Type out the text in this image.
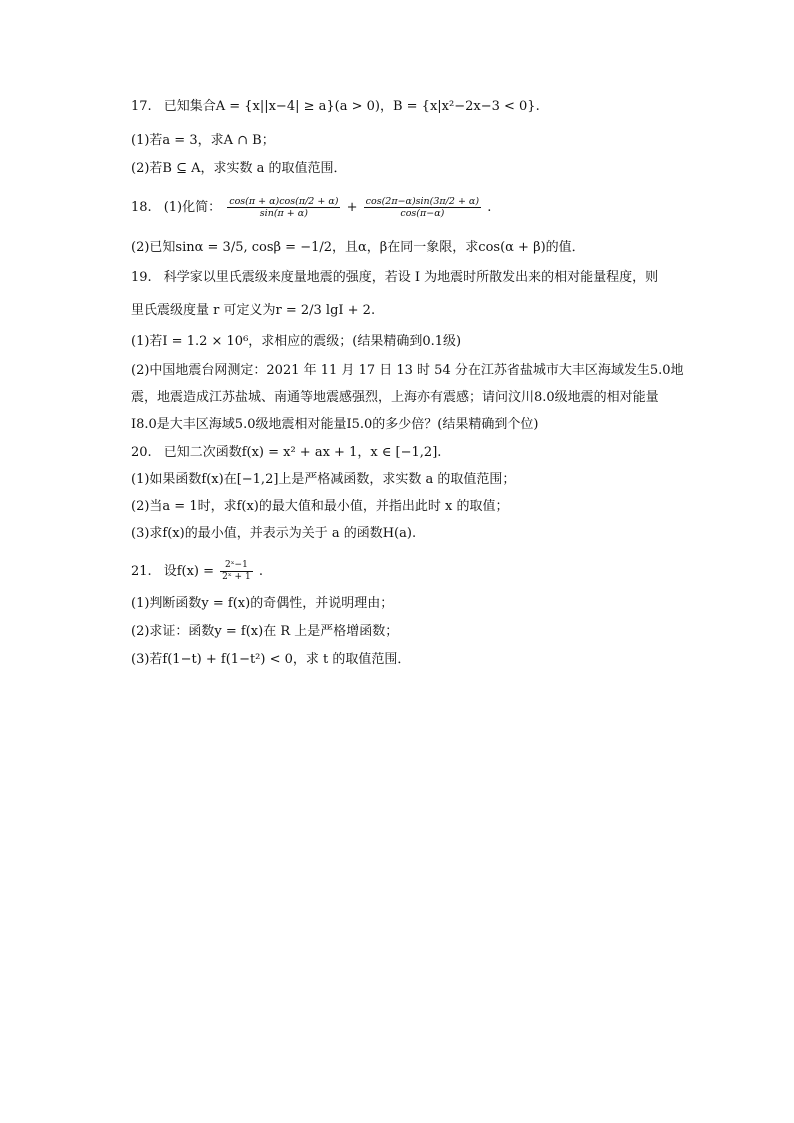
17. 已知集合A = {x||x−4| ≥ a}(a > 0)，B = {x|x²−2x−3 < 0}.
(1)若a = 3，求A ∩ B；
(2)若B ⊆ A，求实数 a 的取值范围．
18. (1)化简： $\frac{\cos(\pi + \alpha)\cos(\pi/2 + \alpha)}{\sin(\pi + \alpha)} + \frac{\cos(2\pi-\alpha)\sin(3\pi/2 + \alpha)}{\cos(\pi-\alpha)}$ .
(2)已知sinα = 3/5, cosβ = −1/2，且α，β在同一象限，求cos(α + β)的值．
19. 科学家以里氏震级来度量地震的强度，若设 I 为地震时所散发出来的相对能量程度，则
里氏震级度量 r 可定义为r = 2/3 lgI + 2.
(1)若I = 1.2 × 10⁶，求相应的震级；(结果精确到0.1级)
(2)中国地震台网测定：2021 年 11 月 17 日 13 时 54 分在江苏省盐城市大丰区海域发生5.0地
震，地震造成江苏盐城、南通等地震感强烈，上海亦有震感；请问汶川8.0级地震的相对能量
I8.0是大丰区海域5.0级地震相对能量I5.0的多少倍？(结果精确到个位)
20. 已知二次函数f(x) = x² + ax + 1，x ∈ [−1,2].
(1)如果函数f(x)在[−1,2]上是严格减函数，求实数 a 的取值范围；
(2)当a = 1时，求f(x)的最大值和最小值，并指出此时 x 的取值；
(3)求f(x)的最小值，并表示为关于 a 的函数H(a).
21. 设$f(x) = \frac{\text{2ˣ−1}}{\text{2ˣ + 1}}$ .
(1)判断函数y = f(x)的奇偶性，并说明理由；
(2)求证：函数y = f(x)在 R 上是严格增函数；
(3)若f(1−t) + f(1−t²) < 0，求 t 的取值范围．
